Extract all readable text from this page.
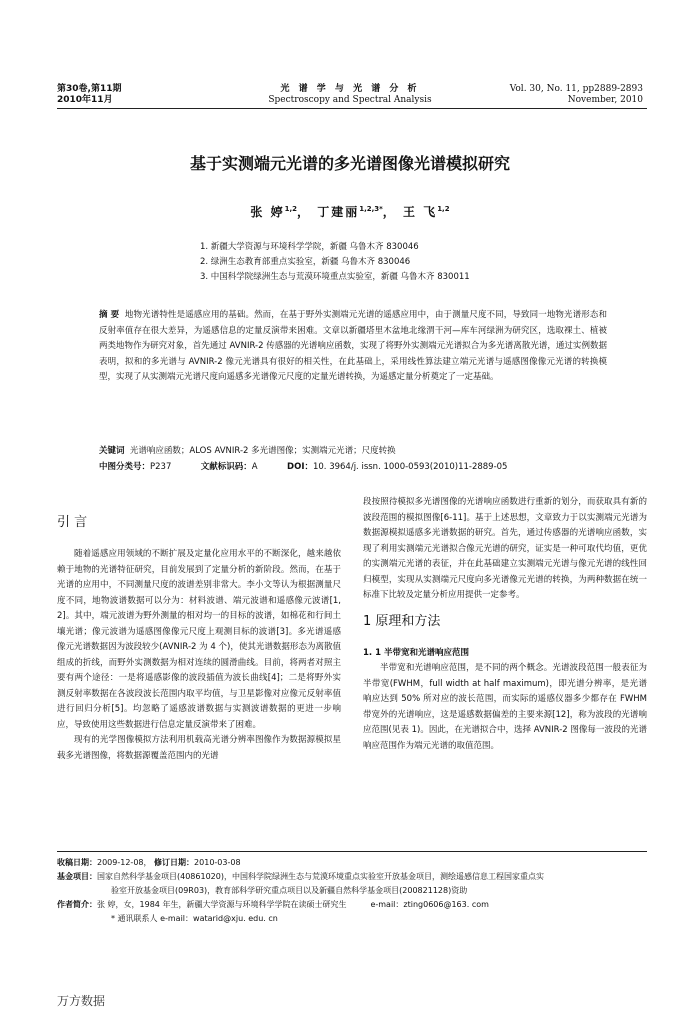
第30卷,第11期
2010年11月
光 谱 学 与 光 谱 分 析
Spectroscopy and Spectral Analysis
Vol. 30, No. 11, pp2889-2893
November, 2010
基于实测端元光谱的多光谱图像光谱模拟研究
张 婷$^{1,2}$， 丁建丽$^{1,2,3*}$， 王 飞$^{1,2}$
1. 新疆大学资源与环境科学学院，新疆 乌鲁木齐 830046
2. 绿洲生态教育部重点实验室，新疆 乌鲁木齐 830046
3. 中国科学院绿洲生态与荒漠环境重点实验室，新疆 乌鲁木齐 830011
摘 要 地物光谱特性是遥感应用的基础。然而，在基于野外实测端元光谱的遥感应用中，由于测量尺度不同，导致同一地物光谱形态和反射率值存在很大差异，为遥感信息的定量反演带来困难。文章以新疆塔里木盆地北缘渭干河—库车河绿洲为研究区，选取裸土、植被两类地物作为研究对象，首先通过 AVNIR-2 传感器的光谱响应函数，实现了将野外实测端元光谱拟合为多光谱离散光谱，通过实例数据表明，拟和的多光谱与 AVNIR-2 像元光谱具有很好的相关性，在此基础上，采用线性算法建立端元光谱与遥感图像像元光谱的转换模型，实现了从实测端元光谱尺度向遥感多光谱像元尺度的定量光谱转换，为遥感定量分析奠定了一定基础。
关键词 光谱响应函数；ALOS AVNIR-2 多光谱图像；实测端元光谱；尺度转换
中图分类号：P237	文献标识码：A	DOI：10. 3964/j. issn. 1000-0593(2010)11-2889-05
引 言

随着遥感应用领域的不断扩展及定量化应用水平的不断深化，越来越依赖于地物的光谱特征研究，目前发展到了定量分析的新阶段。然而，在基于光谱的应用中，不同测量尺度的波谱差别非常大。李小文等认为根据测量尺度不同，地物波谱数据可以分为：材料波谱、端元波谱和遥感像元波谱[1, 2]。其中，端元波谱为野外测量的相对均一的目标的波谱，如棉花和行间土壤光谱；像元波谱为遥感图像像元尺度上观测目标的波谱[3]。多光谱遥感像元光谱数据因为波段较少(AVNIR-2 为 4 个)，使其光谱数据形态为离散值组成的折线，而野外实测数据为相对连续的圆滑曲线。目前，将两者对照主要有两个途径：一是将遥感影像的波段插值为波长曲线[4]；二是将野外实测反射率数据在各波段波长范围内取平均值，与卫星影像对应像元反射率值进行回归分析[5]。均忽略了遥感波谱数据与实测波谱数据的更进一步响应，导致使用这些数据进行信息定量反演带来了困难。

现有的光学图像模拟方法利用机载高光谱分辨率图像作为数据源模拟星载多光谱图像，将数据源覆盖范围内的光谱

段按照待模拟多光谱图像的光谱响应函数进行重新的划分，而获取具有新的波段范围的模拟图像[6-11]。基于上述思想，文章致力于以实测端元光谱为数据源模拟遥感多光谱数据的研究。首先，通过传感器的光谱响应函数，实现了利用实测端元光谱拟合像元光谱的研究，证实是一种可取代均值，更优的实测端元光谱的表征，并在此基础建立实测端元光谱与像元光谱的线性回归模型，实现从实测端元尺度向多光谱像元光谱的转换，为两种数据在统一标准下比较及定量分析应用提供一定参考。

1 原理和方法
1. 1 半带宽和光谱响应范围

半带宽和光谱响应范围，是不同的两个概念。光谱波段范围一般表征为半带宽(FWHM，full width at half maximum)，即光谱分辨率，是光谱响应达到 50% 所对应的波长范围，而实际的遥感仪器多少都存在 FWHM 带宽外的光谱响应，这是遥感数据偏差的主要来源[12]，称为波段的光谱响应范围(见表 1)。因此，在光谱拟合中，选择 AVNIR-2 图像每一波段的光谱响应范围作为端元光谱的取值范围。

收稿日期：2009-12-08， 修订日期：2010-03-08
基金项目：国家自然科学基金项目(40861020)，中国科学院绿洲生态与荒漠环境重点实验室开放基金项目，测绘遥感信息工程国家重点实
验室开放基金项目(09R03)，教育部科学研究重点项目以及新疆自然科学基金项目(200821128)资助
作者简介：张 婷，女，1984 年生，新疆大学资源与环境科学学院在读硕士研究生	e-mail：zting0606@163. com
* 通讯联系人 e-mail：watarid@xju. edu. cn
万方数据
